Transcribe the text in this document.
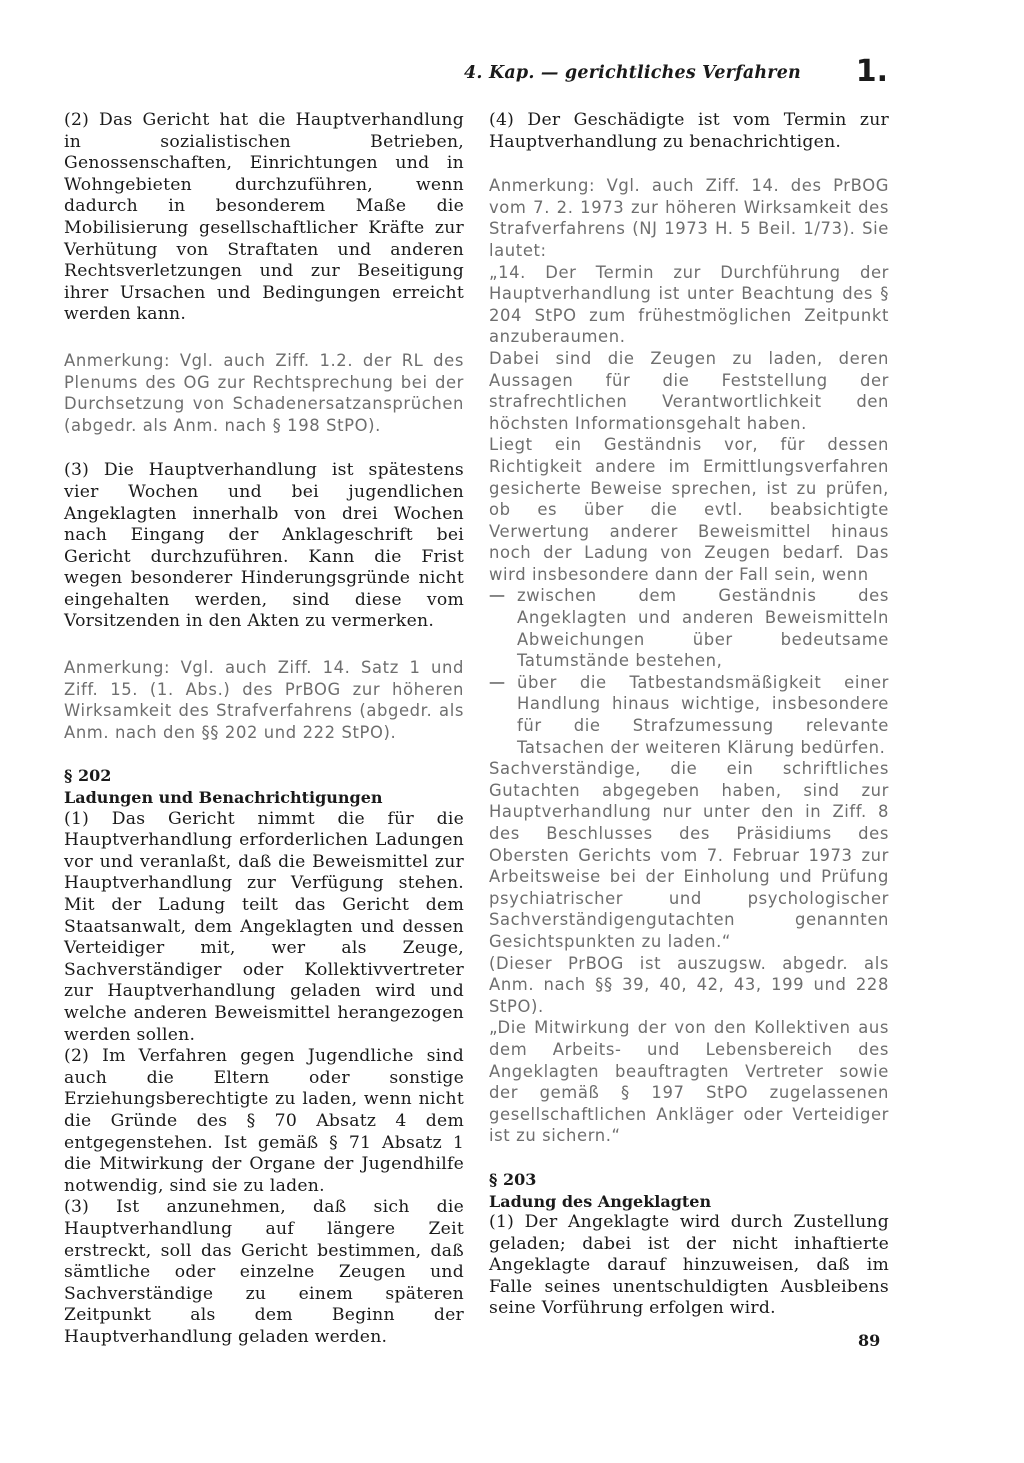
4. Kap. — gerichtliches Verfahren 1.

(2) Das Gericht hat die Hauptverhandlung in sozialistischen Betrieben, Genossenschaften, Einrichtungen und in Wohngebieten durchzuführen, wenn dadurch in besonderem Maße die Mobilisierung gesellschaftlicher Kräfte zur Verhütung von Straftaten und anderen Rechtsverletzungen und zur Beseitigung ihrer Ursachen und Bedingungen erreicht werden kann.

Anmerkung: Vgl. auch Ziff. 1.2. der RL des Plenums des OG zur Rechtsprechung bei der Durchsetzung von Schadenersatzansprüchen (abgedr. als Anm. nach § 198 StPO).

(3) Die Hauptverhandlung ist spätestens vier Wochen und bei jugendlichen Angeklagten innerhalb von drei Wochen nach Eingang der Anklageschrift bei Gericht durchzuführen. Kann die Frist wegen besonderer Hinderungsgründe nicht eingehalten werden, sind diese vom Vorsitzenden in den Akten zu vermerken.

Anmerkung: Vgl. auch Ziff. 14. Satz 1 und Ziff. 15. (1. Abs.) des PrBOG zur höheren Wirksamkeit des Strafverfahrens (abgedr. als Anm. nach den §§ 202 und 222 StPO).

§ 202
Ladungen und Benachrichtigungen

(1) Das Gericht nimmt die für die Hauptverhandlung erforderlichen Ladungen vor und veranlaßt, daß die Beweismittel zur Hauptverhandlung zur Verfügung stehen. Mit der Ladung teilt das Gericht dem Staatsanwalt, dem Angeklagten und dessen Verteidiger mit, wer als Zeuge, Sachverständiger oder Kollektivvertreter zur Hauptverhandlung geladen wird und welche anderen Beweismittel herangezogen werden sollen.

(2) Im Verfahren gegen Jugendliche sind auch die Eltern oder sonstige Erziehungsberechtigte zu laden, wenn nicht die Gründe des § 70 Absatz 4 dem entgegenstehen. Ist gemäß § 71 Absatz 1 die Mitwirkung der Organe der Jugendhilfe notwendig, sind sie zu laden.

(3) Ist anzunehmen, daß sich die Hauptverhandlung auf längere Zeit erstreckt, soll das Gericht bestimmen, daß sämtliche oder einzelne Zeugen und Sachverständige zu einem späteren Zeitpunkt als dem Beginn der Hauptverhandlung geladen werden.

(4) Der Geschädigte ist vom Termin zur Hauptverhandlung zu benachrichtigen.

Anmerkung: Vgl. auch Ziff. 14. des PrBOG vom 7. 2. 1973 zur höheren Wirksamkeit des Strafverfahrens (NJ 1973 H. 5 Beil. 1/73). Sie lautet:

„14. Der Termin zur Durchführung der Hauptverhandlung ist unter Beachtung des § 204 StPO zum frühestmöglichen Zeitpunkt anzuberaumen.

Dabei sind die Zeugen zu laden, deren Aussagen für die Feststellung der strafrechtlichen Verantwortlichkeit den höchsten Informationsgehalt haben.

Liegt ein Geständnis vor, für dessen Richtigkeit andere im Ermittlungsverfahren gesicherte Beweise sprechen, ist zu prüfen, ob es über die evtl. beabsichtigte Verwertung anderer Beweismittel hinaus noch der Ladung von Zeugen bedarf. Das wird insbesondere dann der Fall sein, wenn

— zwischen dem Geständnis des Angeklagten und anderen Beweismitteln Abweichungen über bedeutsame Tatumstände bestehen,

— über die Tatbestandsmäßigkeit einer Handlung hinaus wichtige, insbesondere für die Strafzumessung relevante Tatsachen der weiteren Klärung bedürfen.

Sachverständige, die ein schriftliches Gutachten abgegeben haben, sind zur Hauptverhandlung nur unter den in Ziff. 8 des Beschlusses des Präsidiums des Obersten Gerichts vom 7. Februar 1973 zur Arbeitsweise bei der Einholung und Prüfung psychiatrischer und psychologischer Sachverständigengutachten genannten Gesichtspunkten zu laden.“

(Dieser PrBOG ist auszugsw. abgedr. als Anm. nach §§ 39, 40, 42, 43, 199 und 228 StPO).

„Die Mitwirkung der von den Kollektiven aus dem Arbeits- und Lebensbereich des Angeklagten beauftragten Vertreter sowie der gemäß § 197 StPO zugelassenen gesellschaftlichen Ankläger oder Verteidiger ist zu sichern.“

§ 203
Ladung des Angeklagten

(1) Der Angeklagte wird durch Zustellung geladen; dabei ist der nicht inhaftierte Angeklagte darauf hinzuweisen, daß im Falle seines unentschuldigten Ausbleibens seine Vorführung erfolgen wird.

89
